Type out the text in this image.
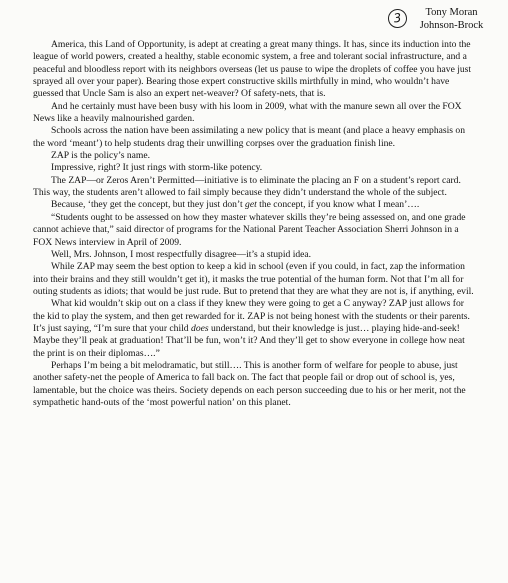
3	Tony Moran
Johnson-Brock

America, this Land of Opportunity, is adept at creating a great many things. It has, since its induction into the league of world powers, created a healthy, stable economic system, a free and tolerant social infrastructure, and a peaceful and bloodless report with its neighbors overseas (let us pause to wipe the droplets of coffee you have just sprayed all over your paper). Bearing those expert constructive skills mirthfully in mind, who wouldn’t have guessed that Uncle Sam is also an expert net-weaver? Of safety-nets, that is.

And he certainly must have been busy with his loom in 2009, what with the manure sewn all over the FOX News like a heavily malnourished garden.

Schools across the nation have been assimilating a new policy that is meant (and place a heavy emphasis on the word ‘meant’) to help students drag their unwilling corpses over the graduation finish line.

ZAP is the policy’s name.

Impressive, right? It just rings with storm-like potency.

The ZAP—or Zeros Aren’t Permitted—initiative is to eliminate the placing an F on a student’s report card. This way, the students aren’t allowed to fail simply because they didn’t understand the whole of the subject.

Because, ‘they get the concept, but they just don’t get the concept, if you know what I mean’….

“Students ought to be assessed on how they master whatever skills they’re being assessed on, and one grade cannot achieve that,” said director of programs for the National Parent Teacher Association Sherri Johnson in a FOX News interview in April of 2009.

Well, Mrs. Johnson, I most respectfully disagree—it’s a stupid idea.

While ZAP may seem the best option to keep a kid in school (even if you could, in fact, zap the information into their brains and they still wouldn’t get it), it masks the true potential of the human form. Not that I’m all for outing students as idiots; that would be just rude. But to pretend that they are what they are not is, if anything, evil.

What kid wouldn’t skip out on a class if they knew they were going to get a C anyway? ZAP just allows for the kid to play the system, and then get rewarded for it. ZAP is not being honest with the students or their parents. It’s just saying, “I’m sure that your child does understand, but their knowledge is just… playing hide-and-seek! Maybe they’ll peak at graduation! That’ll be fun, won’t it? And they’ll get to show everyone in college how neat the print is on their diplomas….”

Perhaps I’m being a bit melodramatic, but still…. This is another form of welfare for people to abuse, just another safety-net the people of America to fall back on. The fact that people fail or drop out of school is, yes, lamentable, but the choice was theirs. Society depends on each person succeeding due to his or her merit, not the sympathetic hand-outs of the ‘most powerful nation’ on this planet.
